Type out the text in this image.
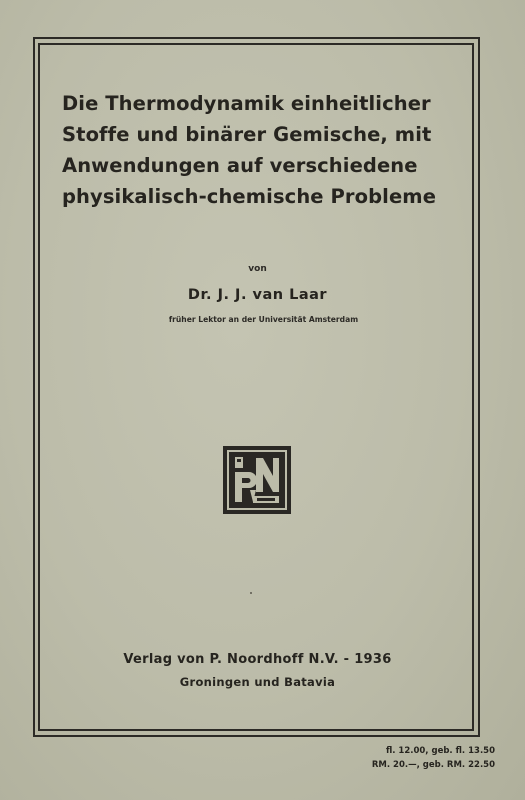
Die Thermodynamik einheitlicher
Stoffe und binärer Gemische, mit
Anwendungen auf verschiedene
physikalisch-chemische Probleme
von
Dr. J. J. van Laar
früher Lektor an der Universität Amsterdam
Verlag von P. Noordhoff N.V. - 1936
Groningen und Batavia
fl. 12.00, geb. fl. 13.50
RM. 20.—, geb. RM. 22.50
